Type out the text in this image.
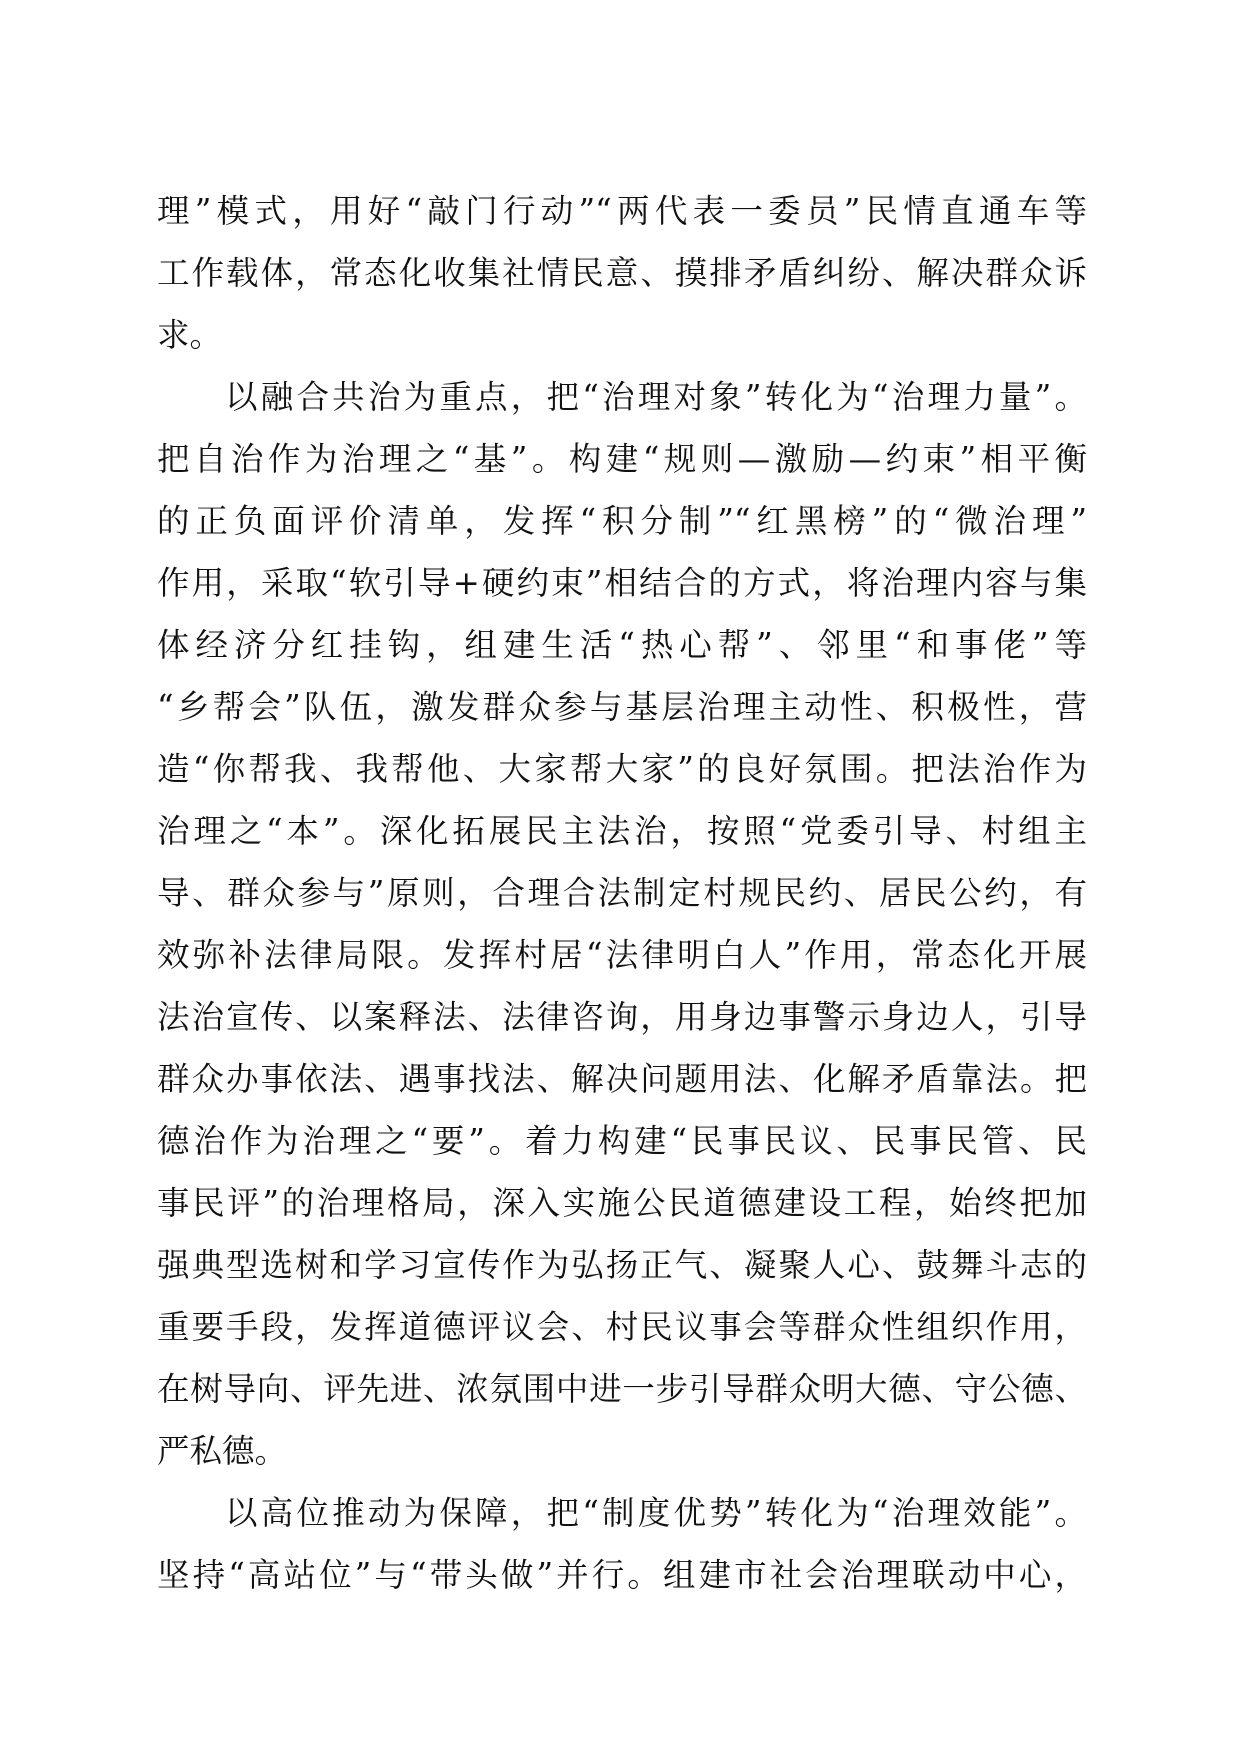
理”模式，用好“敲门行动”“两代表一委员”民情直通车等
工作载体，常态化收集社情民意、摸排矛盾纠纷、解决群众诉
求。
以融合共治为重点，把“治理对象”转化为“治理力量”。
把自治作为治理之“基”。构建“规则—激励—约束”相平衡
的正负面评价清单，发挥“积分制”“红黑榜”的“微治理”
作用，采取“软引导+硬约束”相结合的方式，将治理内容与集
体经济分红挂钩，组建生活“热心帮”、邻里“和事佬”等
“乡帮会”队伍，激发群众参与基层治理主动性、积极性，营
造“你帮我、我帮他、大家帮大家”的良好氛围。把法治作为
治理之“本”。深化拓展民主法治，按照“党委引导、村组主
导、群众参与”原则，合理合法制定村规民约、居民公约，有
效弥补法律局限。发挥村居“法律明白人”作用，常态化开展
法治宣传、以案释法、法律咨询，用身边事警示身边人，引导
群众办事依法、遇事找法、解决问题用法、化解矛盾靠法。把
德治作为治理之“要”。着力构建“民事民议、民事民管、民
事民评”的治理格局，深入实施公民道德建设工程，始终把加
强典型选树和学习宣传作为弘扬正气、凝聚人心、鼓舞斗志的
重要手段，发挥道德评议会、村民议事会等群众性组织作用，
在树导向、评先进、浓氛围中进一步引导群众明大德、守公德、
严私德。
以高位推动为保障，把“制度优势”转化为“治理效能”。
坚持“高站位”与“带头做”并行。组建市社会治理联动中心，
